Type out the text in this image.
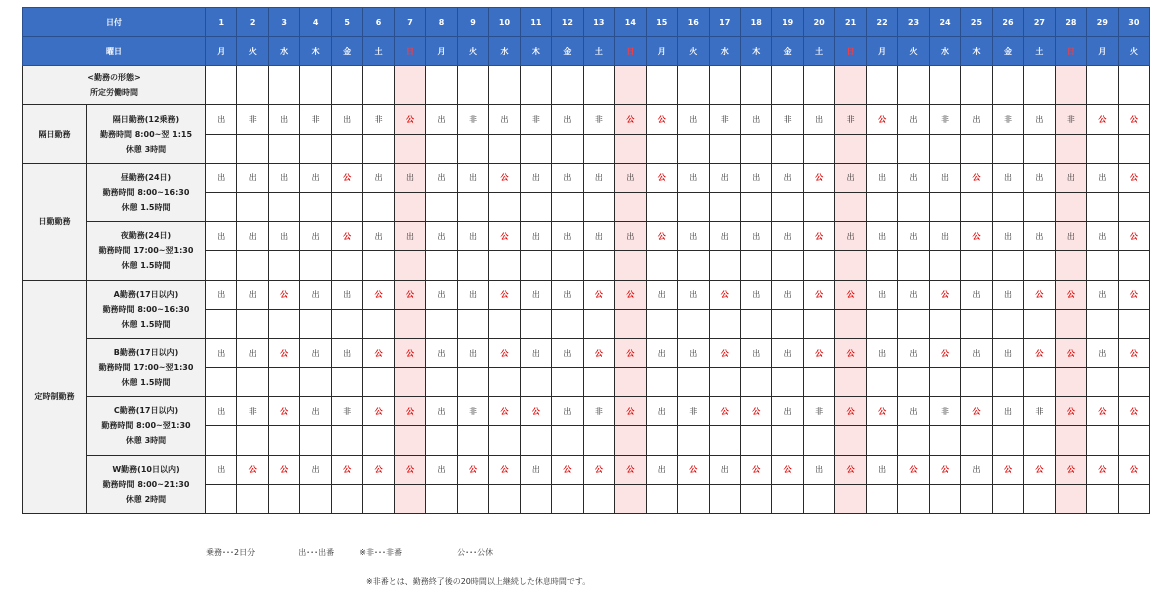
日付		1	2	3	4	5	6	7	8	9	10	11	12	13	14	15	16	17	18	19	20	21	22	23	24	25	26	27	28	29	30
曜日		月	火	水	木	金	土	日	月	火	水	木	金	土	日	月	火	水	木	金	土	日	月	火	水	木	金	土	日	月	火

<勤務の形態>
所定労働時間																															

隔日勤務	隔日勤務(12乗務)
勤務時間 8:00~翌 1:15
休憩 3時間	出	非	出	非	出	非	公	出	非	出	非	出	非	公	公	出	非	出	非	出	非	公	出	非	出	非	出	非	公	公

日勤勤務	昼勤務(24日)
勤務時間 8:00~16:30
休憩 1.5時間	出	出	出	出	公	出	出	出	出	公	出	出	出	出	公	出	出	出	出	公	出	出	出	出	公	出	出	出	出	公

	夜勤務(24日)
勤務時間 17:00~翌1:30
休憩 1.5時間	出	出	出	出	公	出	出	出	出	公	出	出	出	出	公	出	出	出	出	公	出	出	出	出	公	出	出	出	出	公

定時制勤務	A勤務(17日以内)
勤務時間 8:00~16:30
休憩 1.5時間	出	出	公	出	出	公	公	出	出	公	出	出	公	公	出	出	公	出	出	公	公	出	出	公	出	出	公	公	出	公

	B勤務(17日以内)
勤務時間 17:00~翌1:30
休憩 1.5時間	出	出	公	出	出	公	公	出	出	公	出	出	公	公	出	出	公	出	出	公	公	出	出	公	出	出	公	公	出	公

	C勤務(17日以内)
勤務時間 8:00~翌1:30
休憩 3時間	出	非	公	出	非	公	公	出	非	公	公	出	非	公	出	非	公	公	出	非	公	公	出	非	公	出	非	公	公	公

	W勤務(10日以内)
勤務時間 8:00~21:30
休憩 2時間	出	公	公	出	公	公	公	出	公	公	出	公	公	公	出	公	出	公	公	出	公	出	公	公	出	公	公	公	公	公

乗務･･･2日分	出･･･出番	※非･･･非番	公･･･公休
※非番とは、勤務終了後の20時間以上継続した休息時間です。
